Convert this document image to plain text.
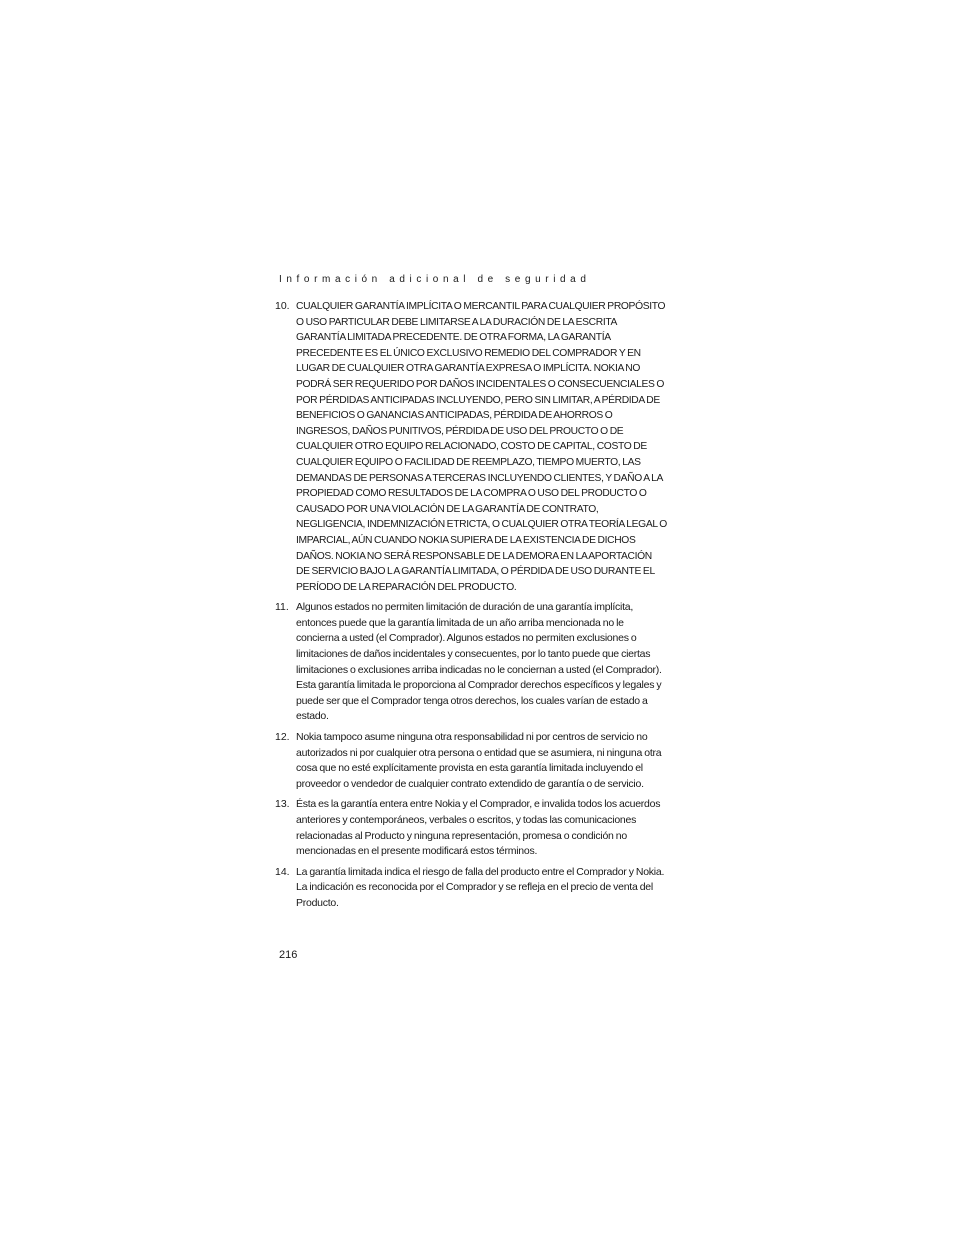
Información adicional de seguridad
10. CUALQUIER GARANTÍA IMPLÍCITA O MERCANTIL PARA CUALQUIER PROPÓSITO O USO PARTICULAR DEBE LIMITARSE A LA DURACIÓN DE LA ESCRITA GARANTÍA LIMITADA PRECEDENTE. DE OTRA FORMA, LA GARANTÍA PRECEDENTE ES EL ÚNICO EXCLUSIVO REMEDIO DEL COMPRADOR Y EN LUGAR DE CUALQUIER OTRA GARANTÍA EXPRESA O IMPLÍCITA. NOKIA NO PODRÁ SER REQUERIDO POR DAÑOS INCIDENTALES O CONSECUENCIALES O POR PÉRDIDAS ANTICIPADAS INCLUYENDO, PERO SIN LIMITAR, A PÉRDIDA DE BENEFICIOS O GANANCIAS ANTICIPADAS, PÉRDIDA DE AHORROS O INGRESOS, DAÑOS PUNITIVOS, PÉRDIDA DE USO DEL PROUCTO O DE CUALQUIER OTRO EQUIPO RELACIONADO, COSTO DE CAPITAL, COSTO DE CUALQUIER EQUIPO O FACILIDAD DE REEMPLAZO, TIEMPO MUERTO, LAS DEMANDAS DE PERSONAS A TERCERAS INCLUYENDO CLIENTES, Y DAÑO A LA PROPIEDAD COMO RESULTADOS DE LA COMPRA O USO DEL PRODUCTO O CAUSADO POR UNA VIOLACIÓN DE LA GARANTÍA DE CONTRATO, NEGLIGENCIA, INDEMNIZACIÓN ETRICTA, O CUALQUIER OTRA TEORÍA LEGAL O IMPARCIAL, AÚN CUANDO NOKIA SUPIERA DE LA EXISTENCIA DE DICHOS DAÑOS. NOKIA NO SERÁ RESPONSABLE DE LA DEMORA EN LA APORTACIÓN DE SERVICIO BAJO L A GARANTÍA LIMITADA, O PÉRDIDA DE USO DURANTE EL PERÍODO DE LA REPARACIÓN DEL PRODUCTO.
11. Algunos estados no permiten limitación de duración de una garantía implícita, entonces puede que la garantía limitada de un año arriba mencionada no le concierna a usted (el Comprador). Algunos estados no permiten exclusiones o limitaciones de daños incidentales y consecuentes, por lo tanto puede que ciertas limitaciones o exclusiones arriba indicadas no le conciernan a usted (el Comprador). Esta garantía limitada le proporciona al Comprador derechos específicos y legales y puede ser que el Comprador tenga otros derechos, los cuales varían de estado a estado.
12. Nokia tampoco asume ninguna otra responsabilidad ni por centros de servicio no autorizados ni por cualquier otra persona o entidad que se asumiera, ni ninguna otra cosa que no esté explícitamente provista en esta garantía limitada incluyendo el proveedor o vendedor de cualquier contrato extendido de garantía o de servicio.
13. Ésta es la garantía entera entre Nokia y el Comprador, e invalida todos los acuerdos anteriores y contemporáneos, verbales o escritos, y todas las comunicaciones relacionadas al Producto y ninguna representación, promesa o condición no mencionadas en el presente modificará estos términos.
14. La garantía limitada indica el riesgo de falla del producto entre el Comprador y Nokia. La indicación es reconocida por el Comprador y se refleja en el precio de venta del Producto.
216
